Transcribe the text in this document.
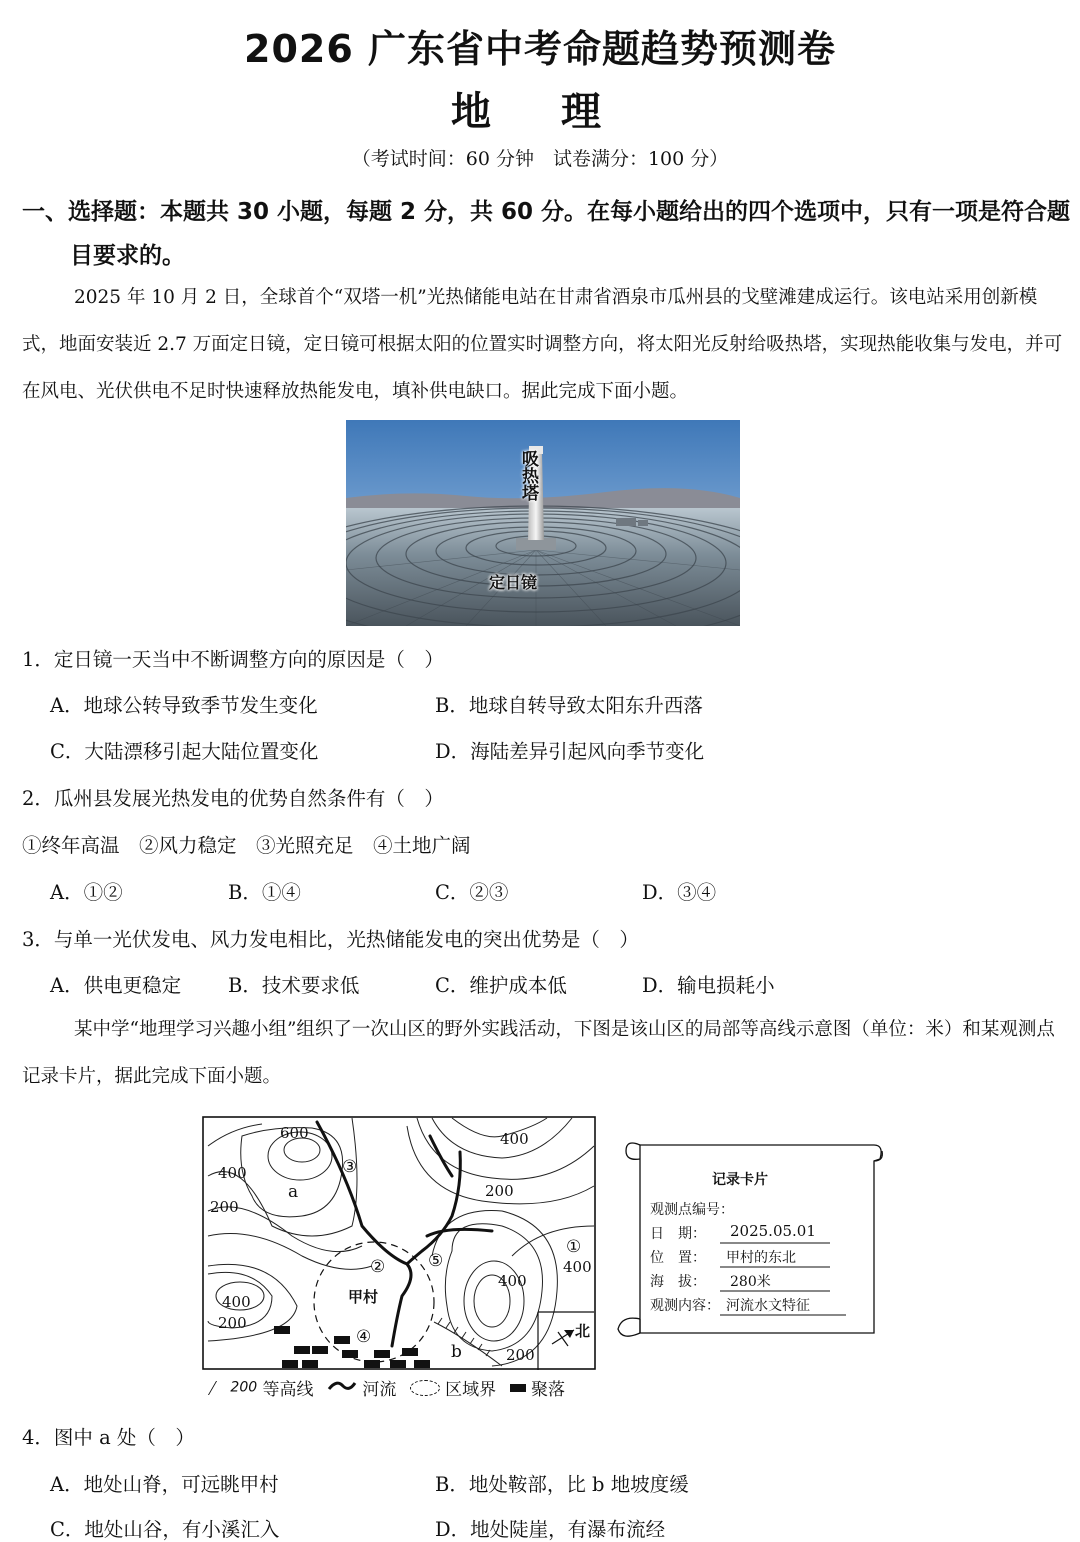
2026 广东省中考命题趋势预测卷
地 理
（考试时间：60 分钟　试卷满分：100 分）
一、选择题：本题共 30 小题，每题 2 分，共 60 分。在每小题给出的四个选项中，只有一项是符合题
目要求的。
2025 年 10 月 2 日，全球首个“双塔一机”光热储能电站在甘肃省酒泉市瓜州县的戈壁滩建成运行。该电站采用创新模式，地面安装近 2.7 万面定日镜，定日镜可根据太阳的位置实时调整方向，将太阳光反射给吸热塔，实现热能收集与发电，并可在风电、光伏供电不足时快速释放热能发电，填补供电缺口。据此完成下面小题。
吸热塔
定日镜
1．定日镜一天当中不断调整方向的原因是（　）
A．地球公转导致季节发生变化	B．地球自转导致太阳东升西落
C．大陆漂移引起大陆位置变化	D．海陆差异引起风向季节变化
2．瓜州县发展光热发电的优势自然条件有（　）
①终年高温　②风力稳定　③光照充足　④土地广阔
A．①②	B．①④	C．②③	D．③④
3．与单一光伏发电、风力发电相比，光热储能发电的突出优势是（　）
A．供电更稳定 B．技术要求低	C．维护成本低	D．输电损耗小
某中学“地理学习兴趣小组”组织了一次山区的野外实践活动，下图是该山区的局部等高线示意图（单位：米）和某观测点记录卡片，据此完成下面小题。
600
400
200
400
200
400
400
400
200
200
①
②
③
④
⑤
a
b
甲村
北
200 等高线	河流	区域界 聚落
记录卡片
观测点编号：
日　期： 2025.05.01
位　置： 甲村的东北
海　拔： 280米
观测内容： 河流水文特征
4．图中 a 处（　）
A．地处山脊，可远眺甲村	B．地处鞍部，比 b 地坡度缓
C．地处山谷，有小溪汇入	D．地处陡崖，有瀑布流经
